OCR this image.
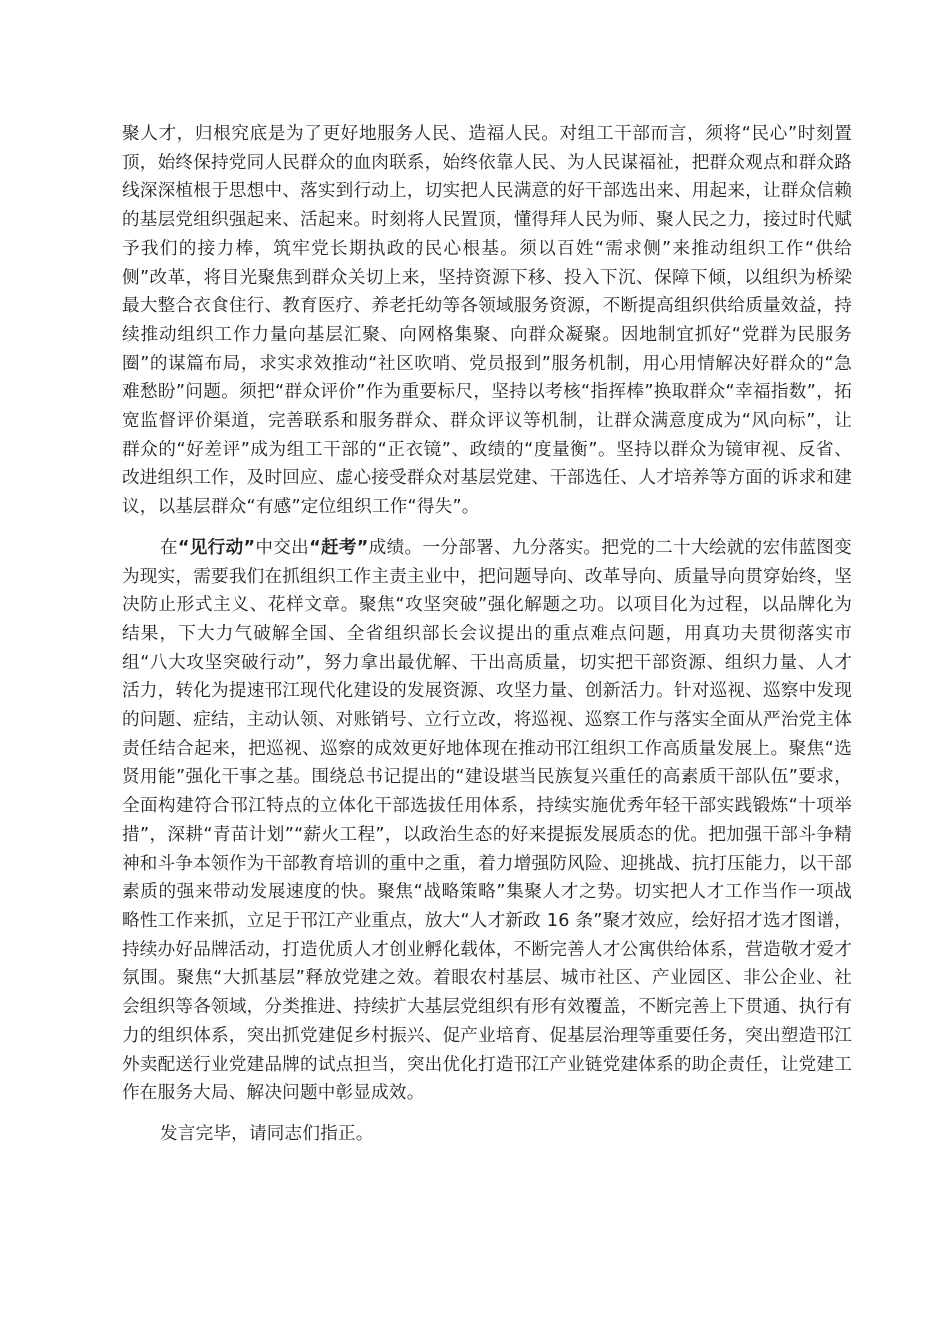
聚人才，归根究底是为了更好地服务人民、造福人民。对组工干部而言，须将“民心”时刻置顶，始终保持党同人民群众的血肉联系，始终依靠人民、为人民谋福祉，把群众观点和群众路线深深植根于思想中、落实到行动上，切实把人民满意的好干部选出来、用起来，让群众信赖的基层党组织强起来、活起来。时刻将人民置顶，懂得拜人民为师、聚人民之力，接过时代赋予我们的接力棒，筑牢党长期执政的民心根基。须以百姓“需求侧”来推动组织工作“供给侧”改革，将目光聚焦到群众关切上来，坚持资源下移、投入下沉、保障下倾，以组织为桥梁最大整合衣食住行、教育医疗、养老托幼等各领域服务资源，不断提高组织供给质量效益，持续推动组织工作力量向基层汇聚、向网格集聚、向群众凝聚。因地制宜抓好“党群为民服务圈”的谋篇布局，求实求效推动“社区吹哨、党员报到”服务机制，用心用情解决好群众的“急难愁盼”问题。须把“群众评价”作为重要标尺，坚持以考核“指挥棒”换取群众“幸福指数”，拓宽监督评价渠道，完善联系和服务群众、群众评议等机制，让群众满意度成为“风向标”，让群众的“好差评”成为组工干部的“正衣镜”、政绩的“度量衡”。坚持以群众为镜审视、反省、改进组织工作，及时回应、虚心接受群众对基层党建、干部选任、人才培养等方面的诉求和建议，以基层群众“有感”定位组织工作“得失”。

在“见行动”中交出“赶考”成绩。一分部署、九分落实。把党的二十大绘就的宏伟蓝图变为现实，需要我们在抓组织工作主责主业中，把问题导向、改革导向、质量导向贯穿始终，坚决防止形式主义、花样文章。聚焦“攻坚突破”强化解题之功。以项目化为过程，以品牌化为结果，下大力气破解全国、全省组织部长会议提出的重点难点问题，用真功夫贯彻落实市组“八大攻坚突破行动”，努力拿出最优解、干出高质量，切实把干部资源、组织力量、人才活力，转化为提速邗江现代化建设的发展资源、攻坚力量、创新活力。针对巡视、巡察中发现的问题、症结，主动认领、对账销号、立行立改，将巡视、巡察工作与落实全面从严治党主体责任结合起来，把巡视、巡察的成效更好地体现在推动邗江组织工作高质量发展上。聚焦“选贤用能”强化干事之基。围绕总书记提出的“建设堪当民族复兴重任的高素质干部队伍”要求，全面构建符合邗江特点的立体化干部选拔任用体系，持续实施优秀年轻干部实践锻炼“十项举措”，深耕“青苗计划”“薪火工程”，以政治生态的好来提振发展质态的优。把加强干部斗争精神和斗争本领作为干部教育培训的重中之重，着力增强防风险、迎挑战、抗打压能力，以干部素质的强来带动发展速度的快。聚焦“战略策略”集聚人才之势。切实把人才工作当作一项战略性工作来抓，立足于邗江产业重点，放大“人才新政 16 条”聚才效应，绘好招才选才图谱，持续办好品牌活动，打造优质人才创业孵化载体，不断完善人才公寓供给体系，营造敬才爱才氛围。聚焦“大抓基层”释放党建之效。着眼农村基层、城市社区、产业园区、非公企业、社会组织等各领域，分类推进、持续扩大基层党组织有形有效覆盖，不断完善上下贯通、执行有力的组织体系，突出抓党建促乡村振兴、促产业培育、促基层治理等重要任务，突出塑造邗江外卖配送行业党建品牌的试点担当，突出优化打造邗江产业链党建体系的助企责任，让党建工作在服务大局、解决问题中彰显成效。

发言完毕，请同志们指正。
